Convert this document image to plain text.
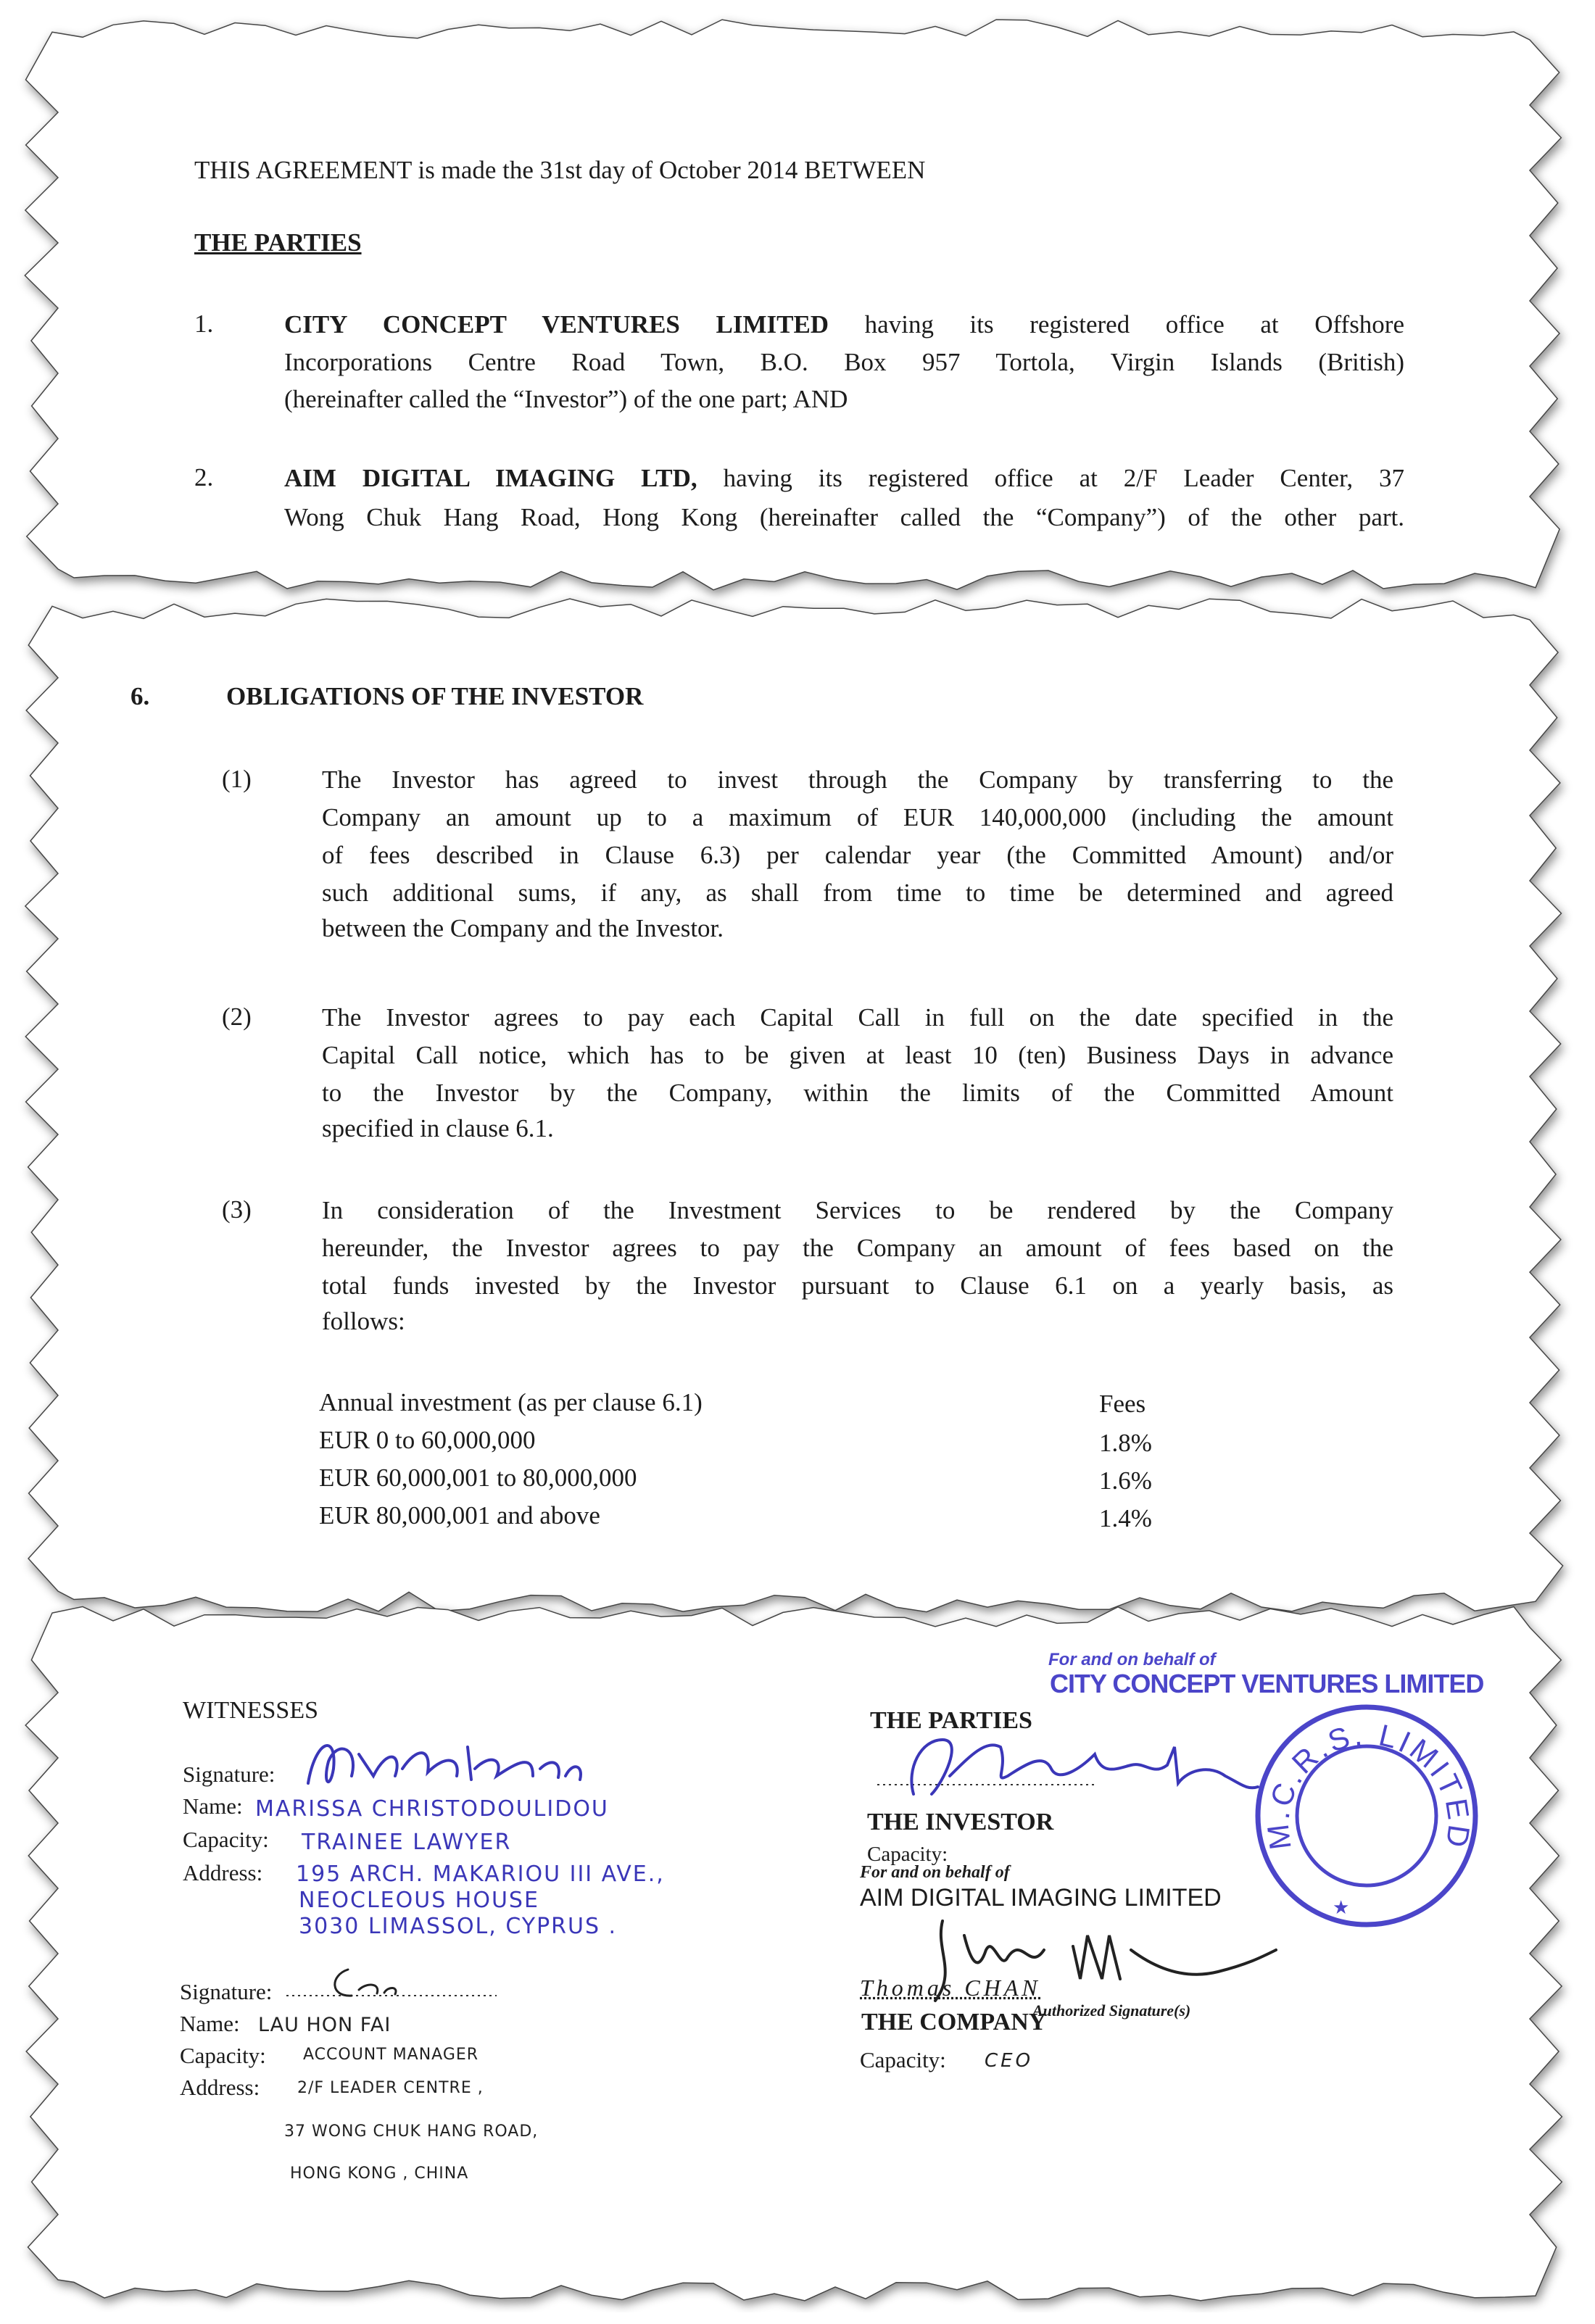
THIS AGREEMENT is made the 31st day of October 2014 BETWEEN
THE PARTIES
1.	CITY CONCEPT VENTURES LIMITED having its registered office at Offshore
Incorporations Centre Road Town, B.O. Box 957 Tortola, Virgin Islands (British)
(hereinafter called the “Investor”) of the one part; AND
2.	AIM DIGITAL IMAGING LTD, having its registered office at 2/F Leader Center, 37
Wong Chuk Hang Road, Hong Kong (hereinafter called the “Company”) of the other part.
6.	OBLIGATIONS OF THE INVESTOR
(1)	The Investor has agreed to invest through the Company by transferring to the
Company an amount up to a maximum of EUR 140,000,000 (including the amount
of fees described in Clause 6.3) per calendar year (the Committed Amount) and/or
such additional sums, if any, as shall from time to time be determined and agreed
between the Company and the Investor.
(2)	The Investor agrees to pay each Capital Call in full on the date specified in the
Capital Call notice, which has to be given at least 10 (ten) Business Days in advance
to the Investor by the Company, within the limits of the Committed Amount
specified in clause 6.1.
(3)	In consideration of the Investment Services to be rendered by the Company
hereunder, the Investor agrees to pay the Company an amount of fees based on the
total funds invested by the Investor pursuant to Clause 6.1 on a yearly basis, as
follows:
Annual investment (as per clause 6.1)	Fees
EUR 0 to 60,000,000	1.8%
EUR 60,000,001 to 80,000,000	1.6%
EUR 80,000,001 and above	1.4%
WITNESSES
Signature:
Name: MARISSA CHRISTODOULIDOU
Capacity: TRAINEE LAWYER
Address: 195 ARCH. MAKARIOU III AVE.,
NEOCLEOUS HOUSE
3030 LIMASSOL, CYPRUS .
Signature:
Name: LAU HON FAI
Capacity: ACCOUNT MANAGER
Address: 2/F LEADER CENTRE ,
37 WONG CHUK HANG ROAD,
HONG KONG , CHINA
For and on behalf of
CITY CONCEPT VENTURES LIMITED
THE PARTIES
THE INVESTOR
Capacity:
For and on behalf of
AIM DIGITAL IMAGING LIMITED
Thomas CHAN
THE COMPANY
Authorized Signature(s)
Capacity: CEO
M.C.R.S. LIMITED
★
